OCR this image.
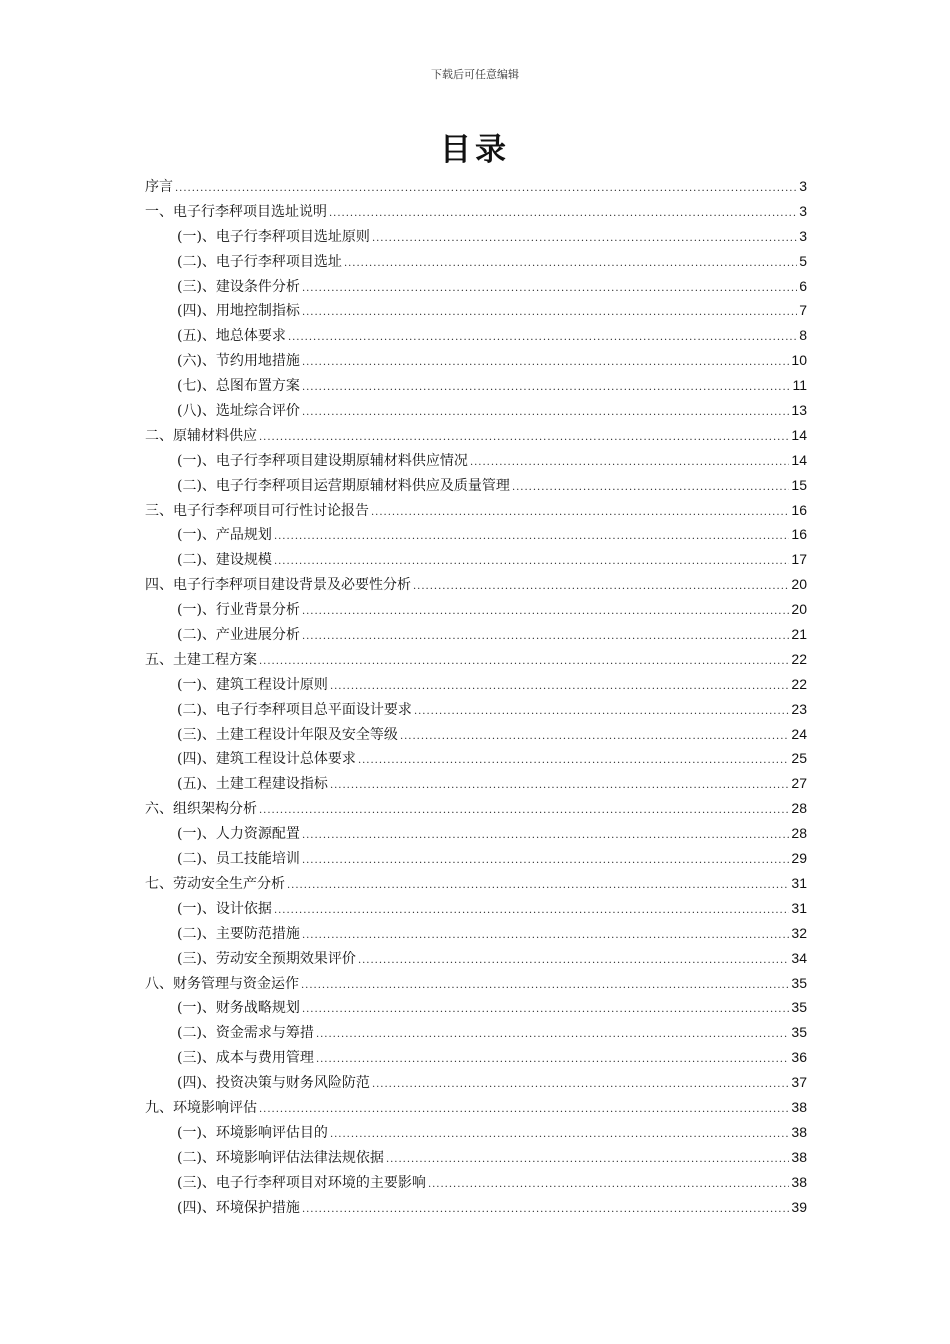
下载后可任意编辑
目录
序言 .....	3
一、电子行李秤项目选址说明 .....	3
(一)、电子行李秤项目选址原则 .....	3
(二)、电子行李秤项目选址 .....	5
(三)、建设条件分析 .....	6
(四)、用地控制指标 .....	7
(五)、地总体要求 .....	8
(六)、节约用地措施 .....	10
(七)、总图布置方案 .....	11
(八)、选址综合评价 .....	13
二、原辅材料供应 .....	14
(一)、电子行李秤项目建设期原辅材料供应情况 .....	14
(二)、电子行李秤项目运营期原辅材料供应及质量管理 .....	15
三、电子行李秤项目可行性讨论报告 .....	16
(一)、产品规划 .....	16
(二)、建设规模 .....	17
四、电子行李秤项目建设背景及必要性分析 .....	20
(一)、行业背景分析 .....	20
(二)、产业进展分析 .....	21
五、土建工程方案 .....	22
(一)、建筑工程设计原则 .....	22
(二)、电子行李秤项目总平面设计要求 .....	23
(三)、土建工程设计年限及安全等级 .....	24
(四)、建筑工程设计总体要求 .....	25
(五)、土建工程建设指标 .....	27
六、组织架构分析 .....	28
(一)、人力资源配置 .....	28
(二)、员工技能培训 .....	29
七、劳动安全生产分析 .....	31
(一)、设计依据 .....	31
(二)、主要防范措施 .....	32
(三)、劳动安全预期效果评价 .....	34
八、财务管理与资金运作 .....	35
(一)、财务战略规划 .....	35
(二)、资金需求与筹措 .....	35
(三)、成本与费用管理 .....	36
(四)、投资决策与财务风险防范 .....	37
九、环境影响评估 .....	38
(一)、环境影响评估目的 .....	38
(二)、环境影响评估法律法规依据 .....	38
(三)、电子行李秤项目对环境的主要影响 .....	38
(四)、环境保护措施 .....	39
